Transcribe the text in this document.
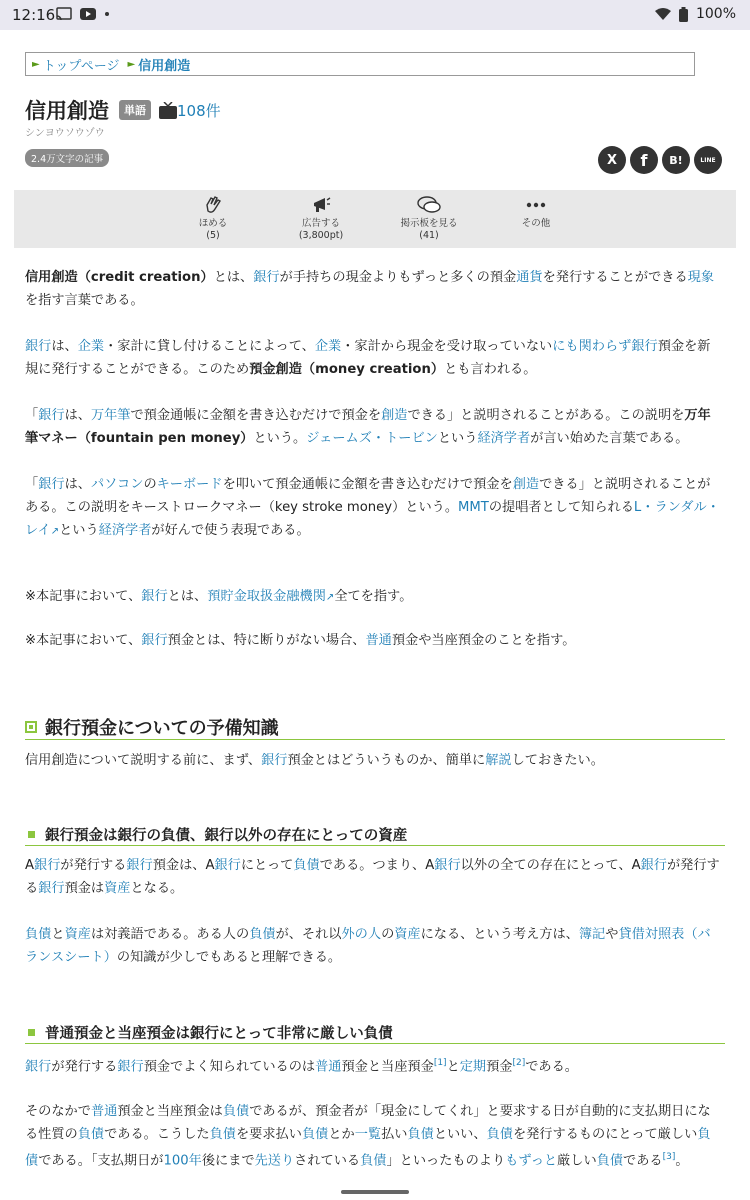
12:16	100%
► トップページ ► 信用創造
信用創造	単語	108件
シンヨウソウゾウ
2.4万文字の記事	X f B!	LINE
ほめる
(5)
広告する
(3,800pt)
掲示板を見る
(41)
その他

信用創造（credit creation）とは、銀行が手持ちの現金よりもずっと多くの預金通貨を発行することができる現象を指す言葉である。

銀行は、企業・家計に貸し付けることによって、企業・家計から現金を受け取っていないにも関わらず銀行預金を新規に発行することができる。このため預金創造（money creation）とも言われる。

「銀行は、万年筆で預金通帳に金額を書き込むだけで預金を創造できる」と説明されることがある。この説明を万年筆マネー（fountain pen money）という。ジェームズ・トービンという経済学者が言い始めた言葉である。

「銀行は、パソコンのキーボードを叩いて預金通帳に金額を書き込むだけで預金を創造できる」と説明されることがある。この説明をキーストロークマネー（key stroke money）という。MMTの提唱者として知られるL・ランダル・レイ↗という経済学者が好んで使う表現である。

※本記事において、銀行とは、預貯金取扱金融機関↗全てを指す。

※本記事において、銀行預金とは、特に断りがない場合、普通預金や当座預金のことを指す。

銀行預金についての予備知識

信用創造について説明する前に、まず、銀行預金とはどういうものか、簡単に解説しておきたい。

銀行預金は銀行の負債、銀行以外の存在にとっての資産

A銀行が発行する銀行預金は、A銀行にとって負債である。つまり、A銀行以外の全ての存在にとって、A銀行が発行する銀行預金は資産となる。

負債と資産は対義語である。ある人の負債が、それ以外の人の資産になる、という考え方は、簿記や貸借対照表（バランスシート）の知識が少しでもあると理解できる。

普通預金と当座預金は銀行にとって非常に厳しい負債

銀行が発行する銀行預金でよく知られているのは普通預金と当座預金[1]と定期預金[2]である。

そのなかで普通預金と当座預金は負債であるが、預金者が「現金にしてくれ」と要求する日が自動的に支払期日になる性質の負債である。こうした負債を要求払い負債とか一覧払い負債といい、負債を発行するものにとって厳しい負債である。「支払期日が100年後にまで先送りされている負債」といったものよりもずっと厳しい負債である[3]。
